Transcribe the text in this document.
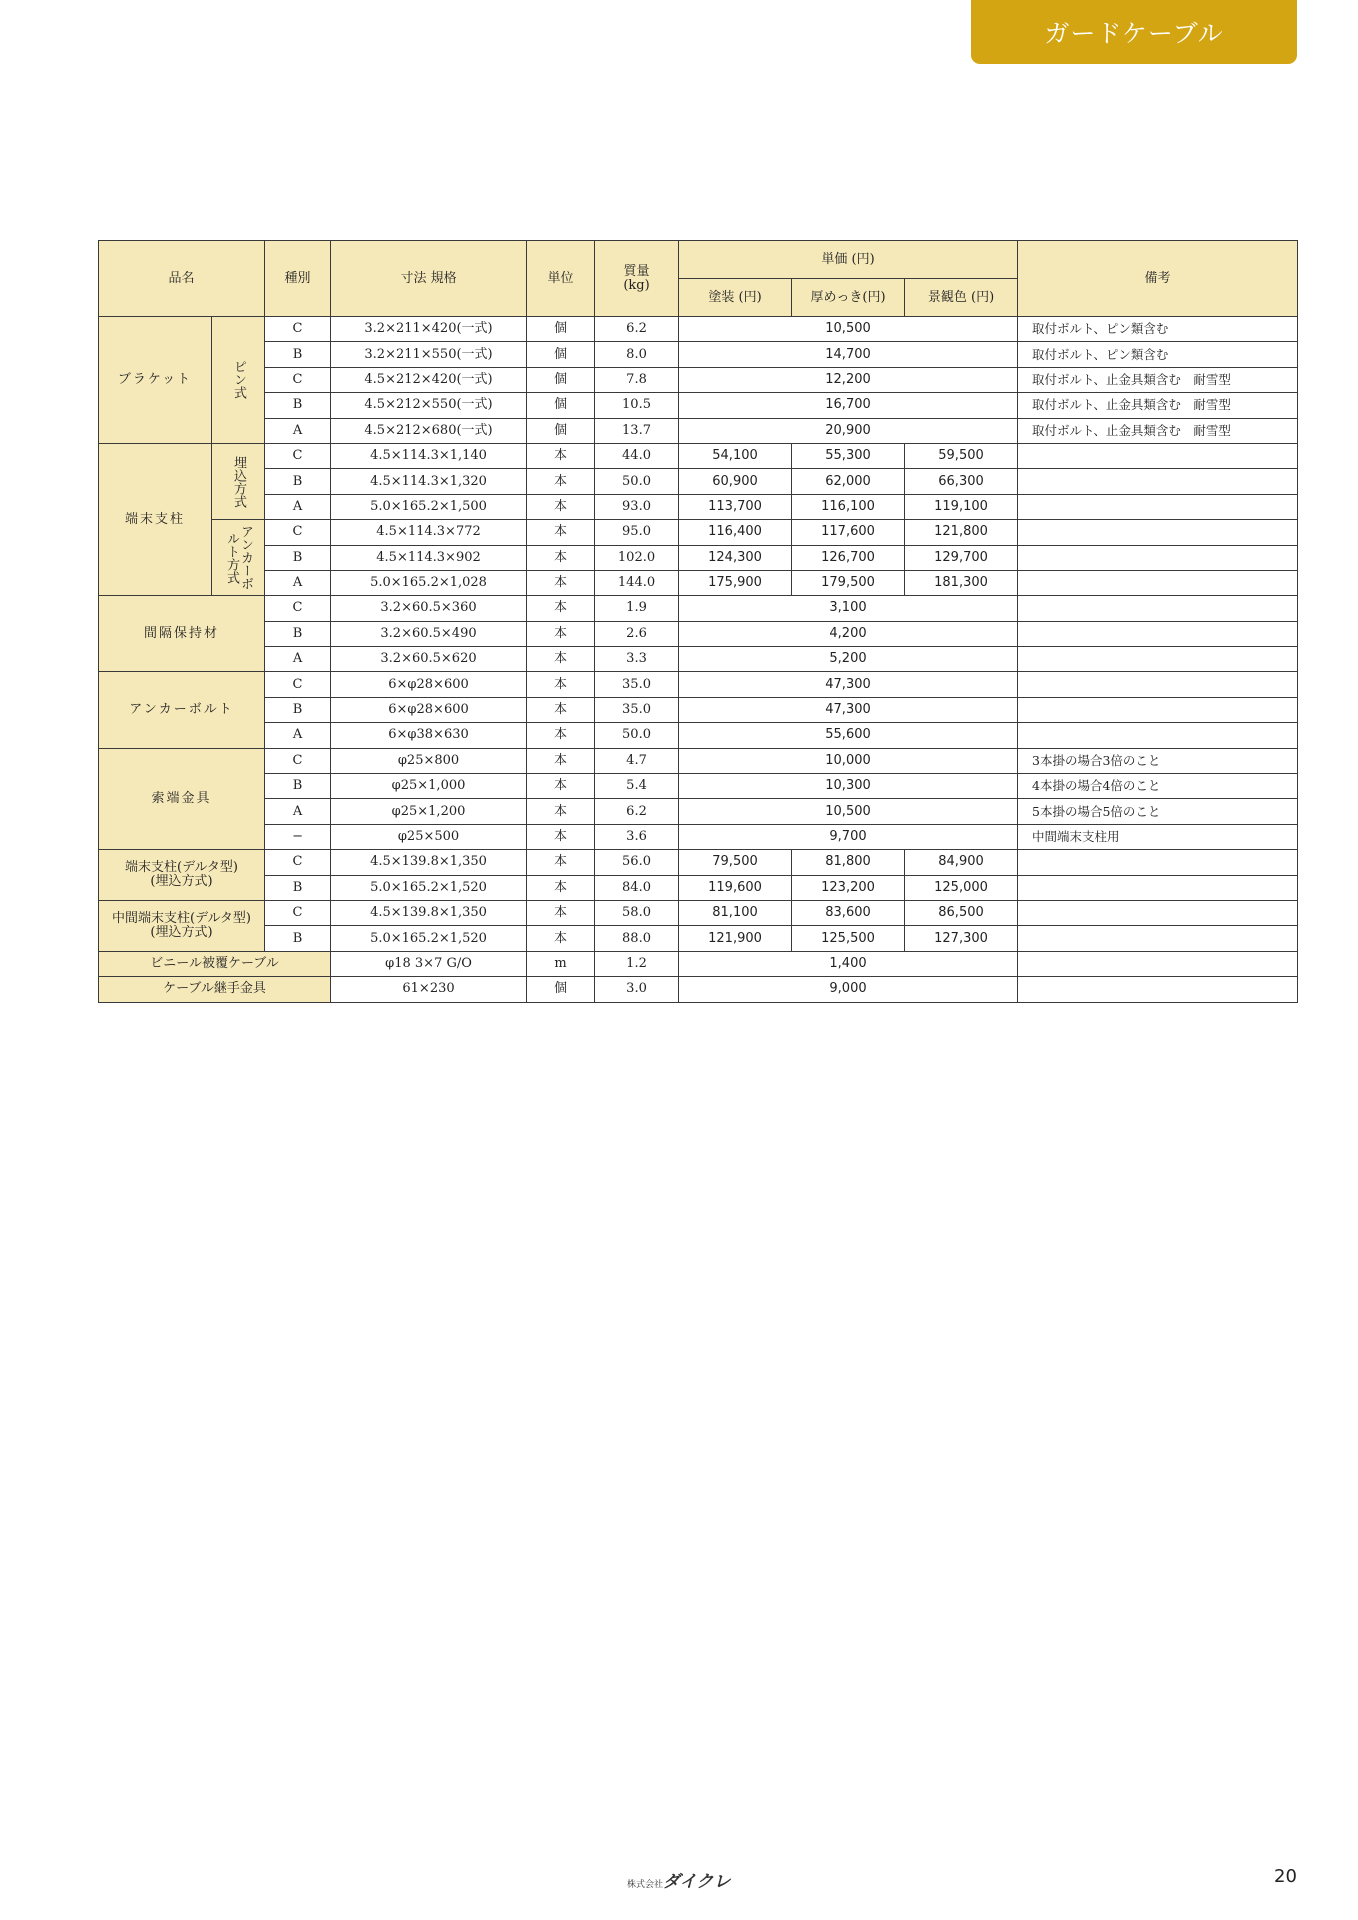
ガードケーブル
品名		種別	寸法 規格	単位	質量
(kg)	単価 (円)			備考
						塗装 (円)	厚めっき(円)	景観色 (円)	
ブラケット	ピン式	C	3.2×211×420(一式)	個	6.2	10,500			取付ボルト、ピン類含む
		B	3.2×211×550(一式)	個	8.0	14,700			取付ボルト、ピン類含む
		C	4.5×212×420(一式)	個	7.8	12,200			取付ボルト、止金具類含む　耐雪型
		B	4.5×212×550(一式)	個	10.5	16,700			取付ボルト、止金具類含む　耐雪型
		A	4.5×212×680(一式)	個	13.7	20,900			取付ボルト、止金具類含む　耐雪型
端末支柱	埋込方式	C	4.5×114.3×1,140	本	44.0	54,100	55,300	59,500	
		B	4.5×114.3×1,320	本	50.0	60,900	62,000	66,300	
		A	5.0×165.2×1,500	本	93.0	113,700	116,100	119,100	
	アンカーボルト方式	C	4.5×114.3×772	本	95.0	116,400	117,600	121,800	
		B	4.5×114.3×902	本	102.0	124,300	126,700	129,700	
		A	5.0×165.2×1,028	本	144.0	175,900	179,500	181,300	
間隔保持材		C	3.2×60.5×360	本	1.9	3,100			
		B	3.2×60.5×490	本	2.6	4,200			
		A	3.2×60.5×620	本	3.3	5,200			
アンカーボルト		C	6×φ28×600	本	35.0	47,300			
		B	6×φ28×600	本	35.0	47,300			
		A	6×φ38×630	本	50.0	55,600			
索端金具		C	φ25×800	本	4.7	10,000			3本掛の場合3倍のこと
		B	φ25×1,000	本	5.4	10,300			4本掛の場合4倍のこと
		A	φ25×1,200	本	6.2	10,500			5本掛の場合5倍のこと
		−	φ25×500	本	3.6	9,700			中間端末支柱用

端末支柱(デルタ型)
(埋込方式)		C	4.5×139.8×1,350	本	56.0	79,500	81,800	84,900	
		B	5.0×165.2×1,520	本	84.0	119,600	123,200	125,000	

中間端末支柱(デルタ型)
(埋込方式)		C	4.5×139.8×1,350	本	58.0	81,100	83,600	86,500	
		B	5.0×165.2×1,520	本	88.0	121,900	125,500	127,300	
ビニール被覆ケーブル			φ18 3×7 G/O	m	1.2	1,400			
ケーブル継手金具			61×230	個	3.0	9,000			
株式会社ダイクレ	20
